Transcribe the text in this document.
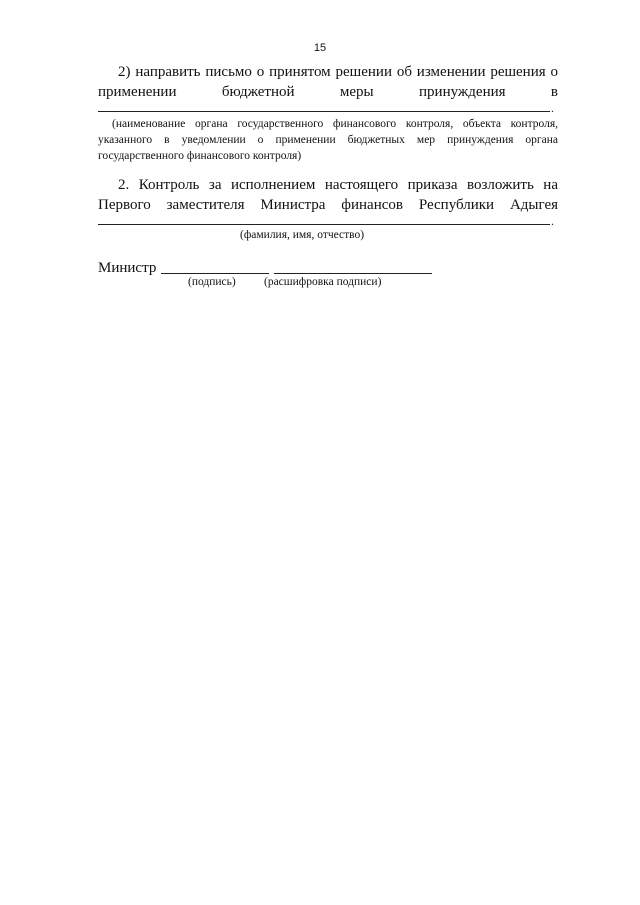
15

2) направить письмо о принятом решении об изменении решения о

применении бюджетной меры принуждения в

.
(наименование органа государственного финансового контроля, объекта контроля,
указанного в уведомлении о применении бюджетных мер принуждения органа
государственного финансового контроля)

2. Контроль за исполнением настоящего приказа возложить на

Первого заместителя Министра финансов Республики Адыгея

.
(фамилия, имя, отчество)
Министр
(подпись) (расшифровка подписи)
